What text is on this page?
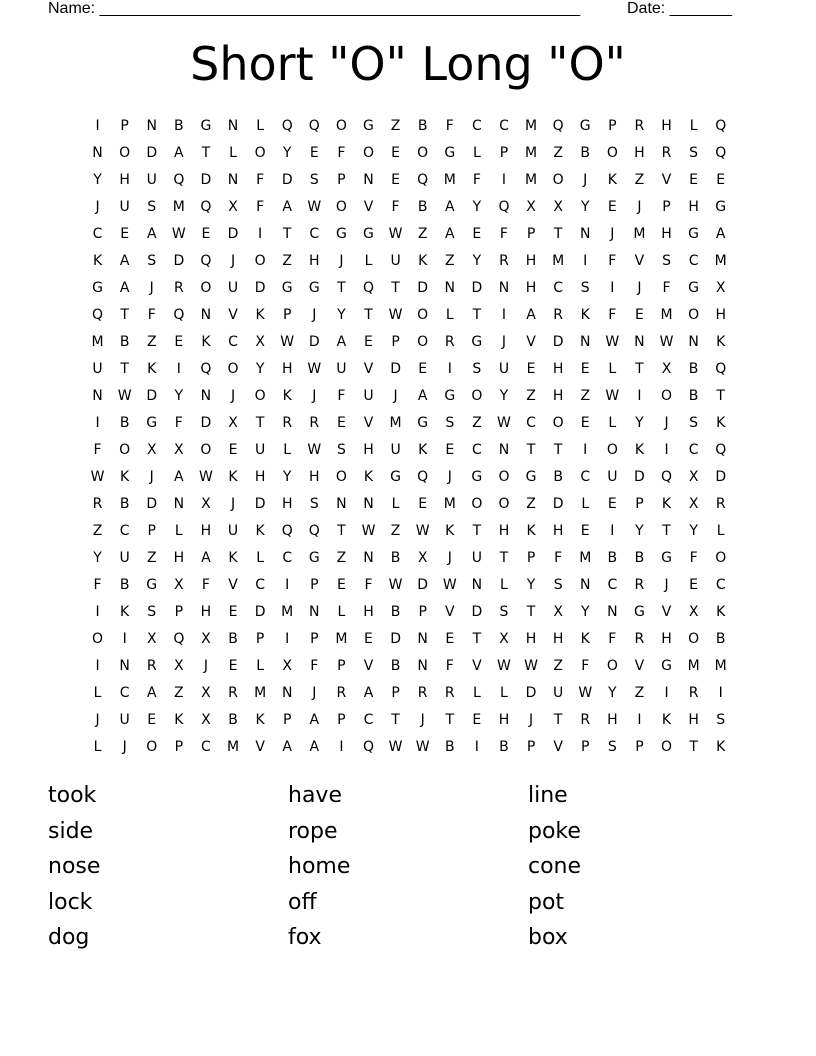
Name: ______________________________________________________	Date: _______
Short "O" Long "O"
I	P	N	B	G	N	L	Q	Q	O	G	Z	B	F	C	C	M	Q	G	P	R	H	L	Q
N	O	D	A	T	L	O	Y	E	F	O	E	O	G	L	P	M	Z	B	O	H	R	S	Q
Y	H	U	Q	D	N	F	D	S	P	N	E	Q	M	F	I	M	O	J	K	Z	V	E	E
J	U	S	M	Q	X	F	A	W	O	V	F	B	A	Y	Q	X	X	Y	E	J	P	H	G
C	E	A	W	E	D	I	T	C	G	G	W	Z	A	E	F	P	T	N	J	M	H	G	A
K	A	S	D	Q	J	O	Z	H	J	L	U	K	Z	Y	R	H	M	I	F	V	S	C	M
G	A	J	R	O	U	D	G	G	T	Q	T	D	N	D	N	H	C	S	I	J	F	G	X
Q	T	F	Q	N	V	K	P	J	Y	T	W	O	L	T	I	A	R	K	F	E	M	O	H
M	B	Z	E	K	C	X	W	D	A	E	P	O	R	G	J	V	D	N	W	N	W	N	K
U	T	K	I	Q	O	Y	H	W	U	V	D	E	I	S	U	E	H	E	L	T	X	B	Q
N	W	D	Y	N	J	O	K	J	F	U	J	A	G	O	Y	Z	H	Z	W	I	O	B	T
I	B	G	F	D	X	T	R	R	E	V	M	G	S	Z	W	C	O	E	L	Y	J	S	K
F	O	X	X	O	E	U	L	W	S	H	U	K	E	C	N	T	T	I	O	K	I	C	Q
W	K	J	A	W	K	H	Y	H	O	K	G	Q	J	G	O	G	B	C	U	D	Q	X	D
R	B	D	N	X	J	D	H	S	N	N	L	E	M	O	O	Z	D	L	E	P	K	X	R
Z	C	P	L	H	U	K	Q	Q	T	W	Z	W	K	T	H	K	H	E	I	Y	T	Y	L
Y	U	Z	H	A	K	L	C	G	Z	N	B	X	J	U	T	P	F	M	B	B	G	F	O
F	B	G	X	F	V	C	I	P	E	F	W	D	W	N	L	Y	S	N	C	R	J	E	C
I	K	S	P	H	E	D	M	N	L	H	B	P	V	D	S	T	X	Y	N	G	V	X	K
O	I	X	Q	X	B	P	I	P	M	E	D	N	E	T	X	H	H	K	F	R	H	O	B
I	N	R	X	J	E	L	X	F	P	V	B	N	F	V	W W	Z	F	O	V	G	M	M
L	C	A	Z	X	R	M	N	J	R	A	P	R	R	L	L	D	U	W	Y	Z	I	R	I
J	U	E	K	X	B	K	P	A	P	C	T	J	T	E	H	J	T	R	H	I	K	H	S
L	J	O	P	C	M	V	A	A	I	Q	W W	B	I	B	P	V	P	S	P	O	T	K
took
side
nose
lock
dog
have
rope
home
off
fox
line
poke
cone
pot
box
